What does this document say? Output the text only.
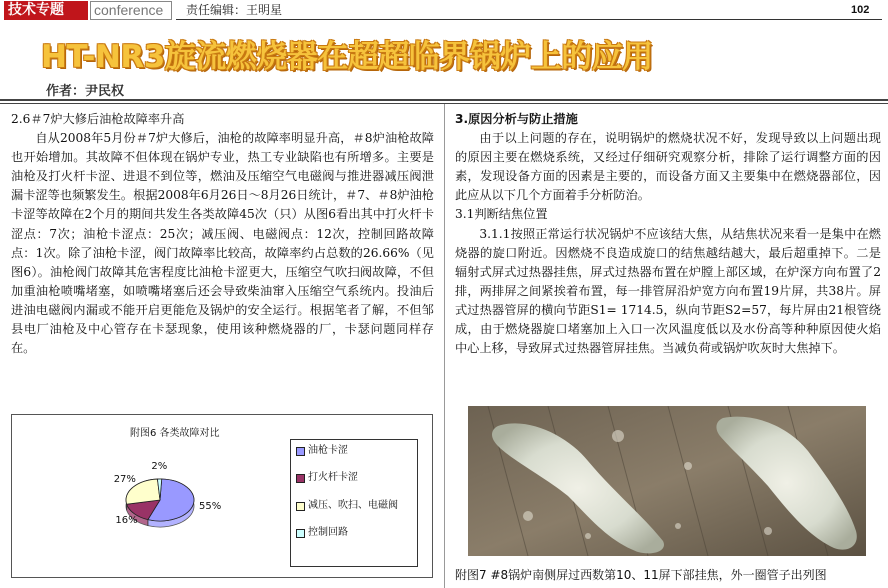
技术专题	conference	责任编辑：王明星	102
HT-NR3旋流燃烧器在超超临界锅炉上的应用
作者：尹民权

2.6＃7炉大修后油枪故障率升高

自从2008年5月份＃7炉大修后，油枪的故障率明显升高，＃8炉油枪故障也开始增加。其故障不但体现在锅炉专业，热工专业缺陷也有所增多。主要是油枪及打火杆卡涩、进退不到位等，燃油及压缩空气电磁阀与推进器减压阀泄漏卡涩等也频繁发生。根据2008年6月26日～8月26日统计，＃7、＃8炉油枪卡涩等故障在2个月的期间共发生各类故障45次（只）从图6看出其中打火杆卡涩点：7次；油枪卡涩点：25次；减压阀、电磁阀点：12次，控制回路故障点：1次。除了油枪卡涩，阀门故障率比较高，故障率约占总数的26.66%（见图6）。油枪阀门故障其危害程度比油枪卡涩更大，压缩空气吹扫阀故障，不但加重油枪喷嘴堵塞，如喷嘴堵塞后还会导致柴油窜入压缩空气系统内。投油后进油电磁阀内漏或不能开启更能危及锅炉的安全运行。根据笔者了解，不但邹县电厂油枪及中心管存在卡瑟现象，使用该种燃烧器的厂，卡瑟问题同样存在。

附图6 各类故障对比
55%
16%
27%
2%
油枪卡涩
打火杆卡涩
减压、吹扫、电磁阀
控制回路
3.原因分析与防止措施

由于以上问题的存在，说明锅炉的燃烧状况不好，发现导致以上问题出现的原因主要在燃烧系统，又经过仔细研究观察分析，排除了运行调整方面的因素，发现设备方面的因素是主要的，而设备方面又主要集中在燃烧器部位，因此应从以下几个方面着手分析防治。

3.1判断结焦位置

3.1.1按照正常运行状况锅炉不应该结大焦，从结焦状况来看一是集中在燃烧器的旋口附近。因燃烧不良造成旋口的结焦越结越大，最后超重掉下。二是辐射式屏式过热器挂焦，屏式过热器布置在炉膛上部区域，在炉深方向布置了2排，两排屏之间紧挨着布置，每一排管屏沿炉宽方向布置19片屏，共38片。屏式过热器管屏的横向节距S1= 1714.5，纵向节距S2=57，每片屏由21根管绕成，由于燃烧器旋口堵塞加上入口一次风温度低以及水份高等种种原因使火焰中心上移，导致屏式过热器管屏挂焦。当减负荷或锅炉吹灰时大焦掉下。

附图7 #8锅炉南侧屏过西数第10、11屏下部挂焦，外一圈管子出列图
